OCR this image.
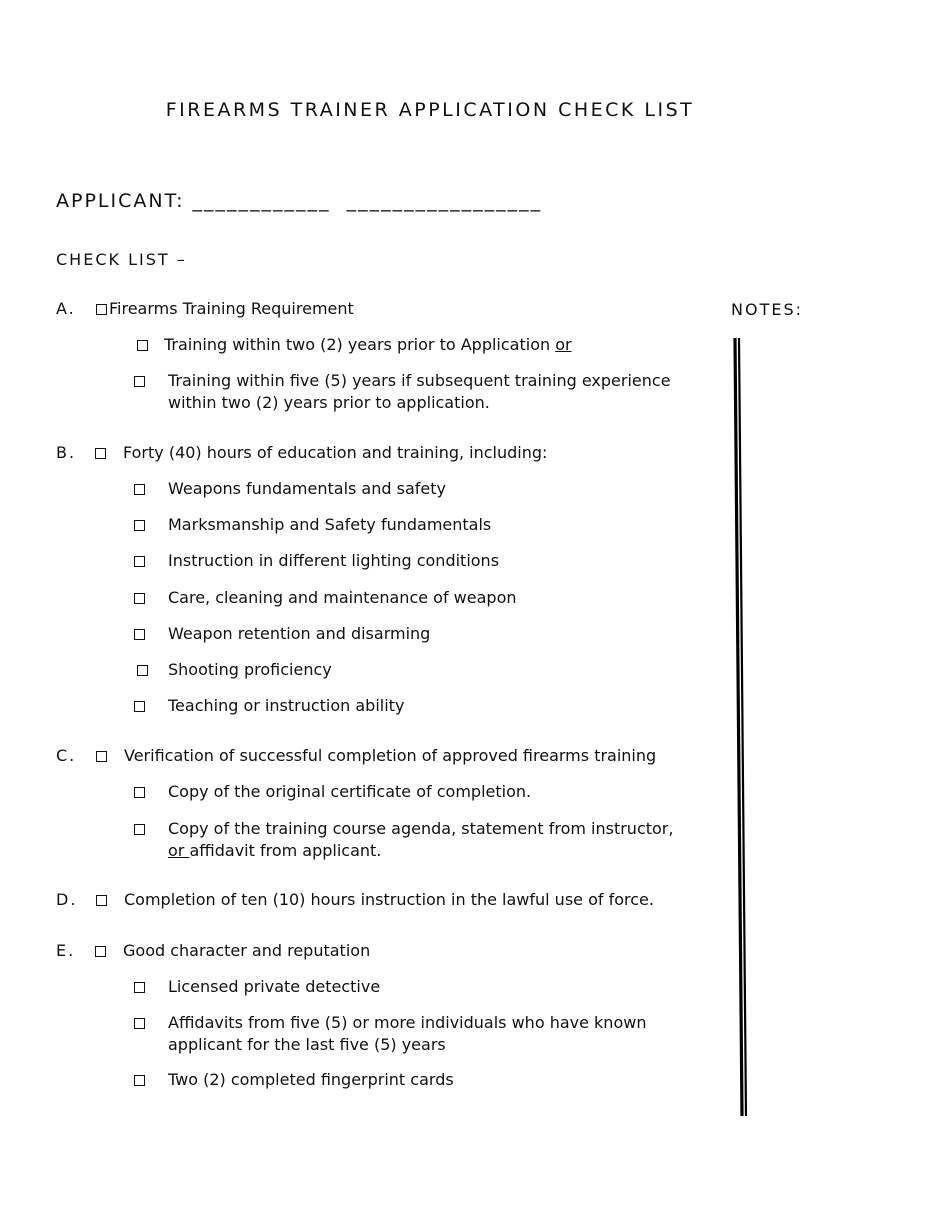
FIREARMS TRAINER APPLICATION CHECK LIST
APPLICANT: ____________ _________________
CHECK LIST –
NOTES:
A. Firearms Training Requirement
Training within two (2) years prior to Application or
Training within five (5) years if subsequent training experience
within two (2) years prior to application.
B.	Forty (40) hours of education and training, including:
Weapons fundamentals and safety
Marksmanship and Safety fundamentals
Instruction in different lighting conditions
Care, cleaning and maintenance of weapon
Weapon retention and disarming
Shooting proficiency
Teaching or instruction ability
C.	Verification of successful completion of approved firearms training
Copy of the original certificate of completion.
Copy of the training course agenda, statement from instructor,
or affidavit from applicant.
D.	Completion of ten (10) hours instruction in the lawful use of force.
E.	Good character and reputation
Licensed private detective
Affidavits from five (5) or more individuals who have known
applicant for the last five (5) years
Two (2) completed fingerprint cards
